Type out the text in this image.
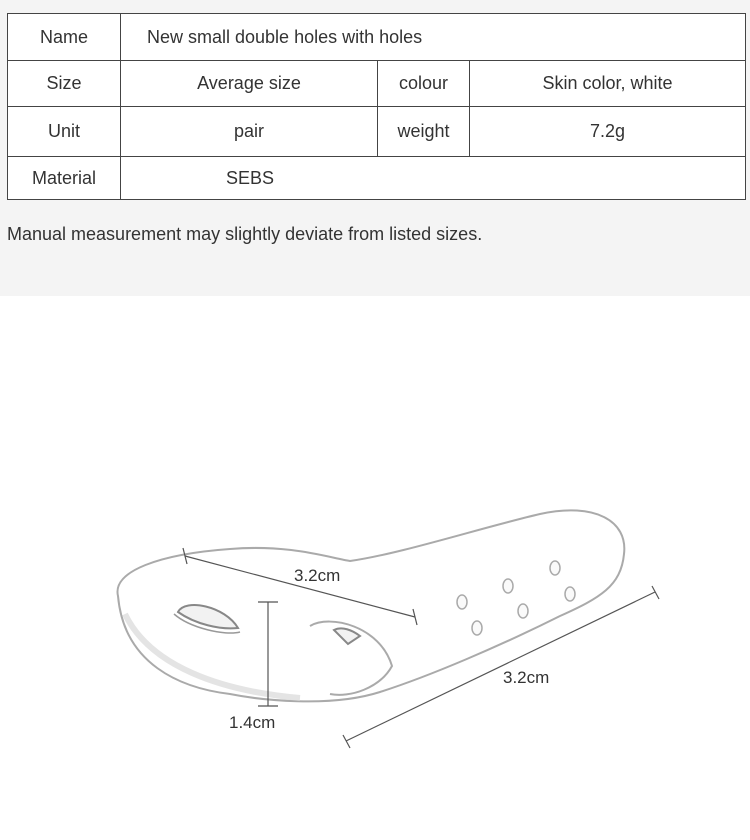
Name	New small double holes with holes		
Size	Average size	colour	Skin color, white
Unit	pair	weight	7.2g
Material	SEBS		
Manual measurement may slightly deviate from listed sizes.
3.2cm
3.2cm
1.4cm
